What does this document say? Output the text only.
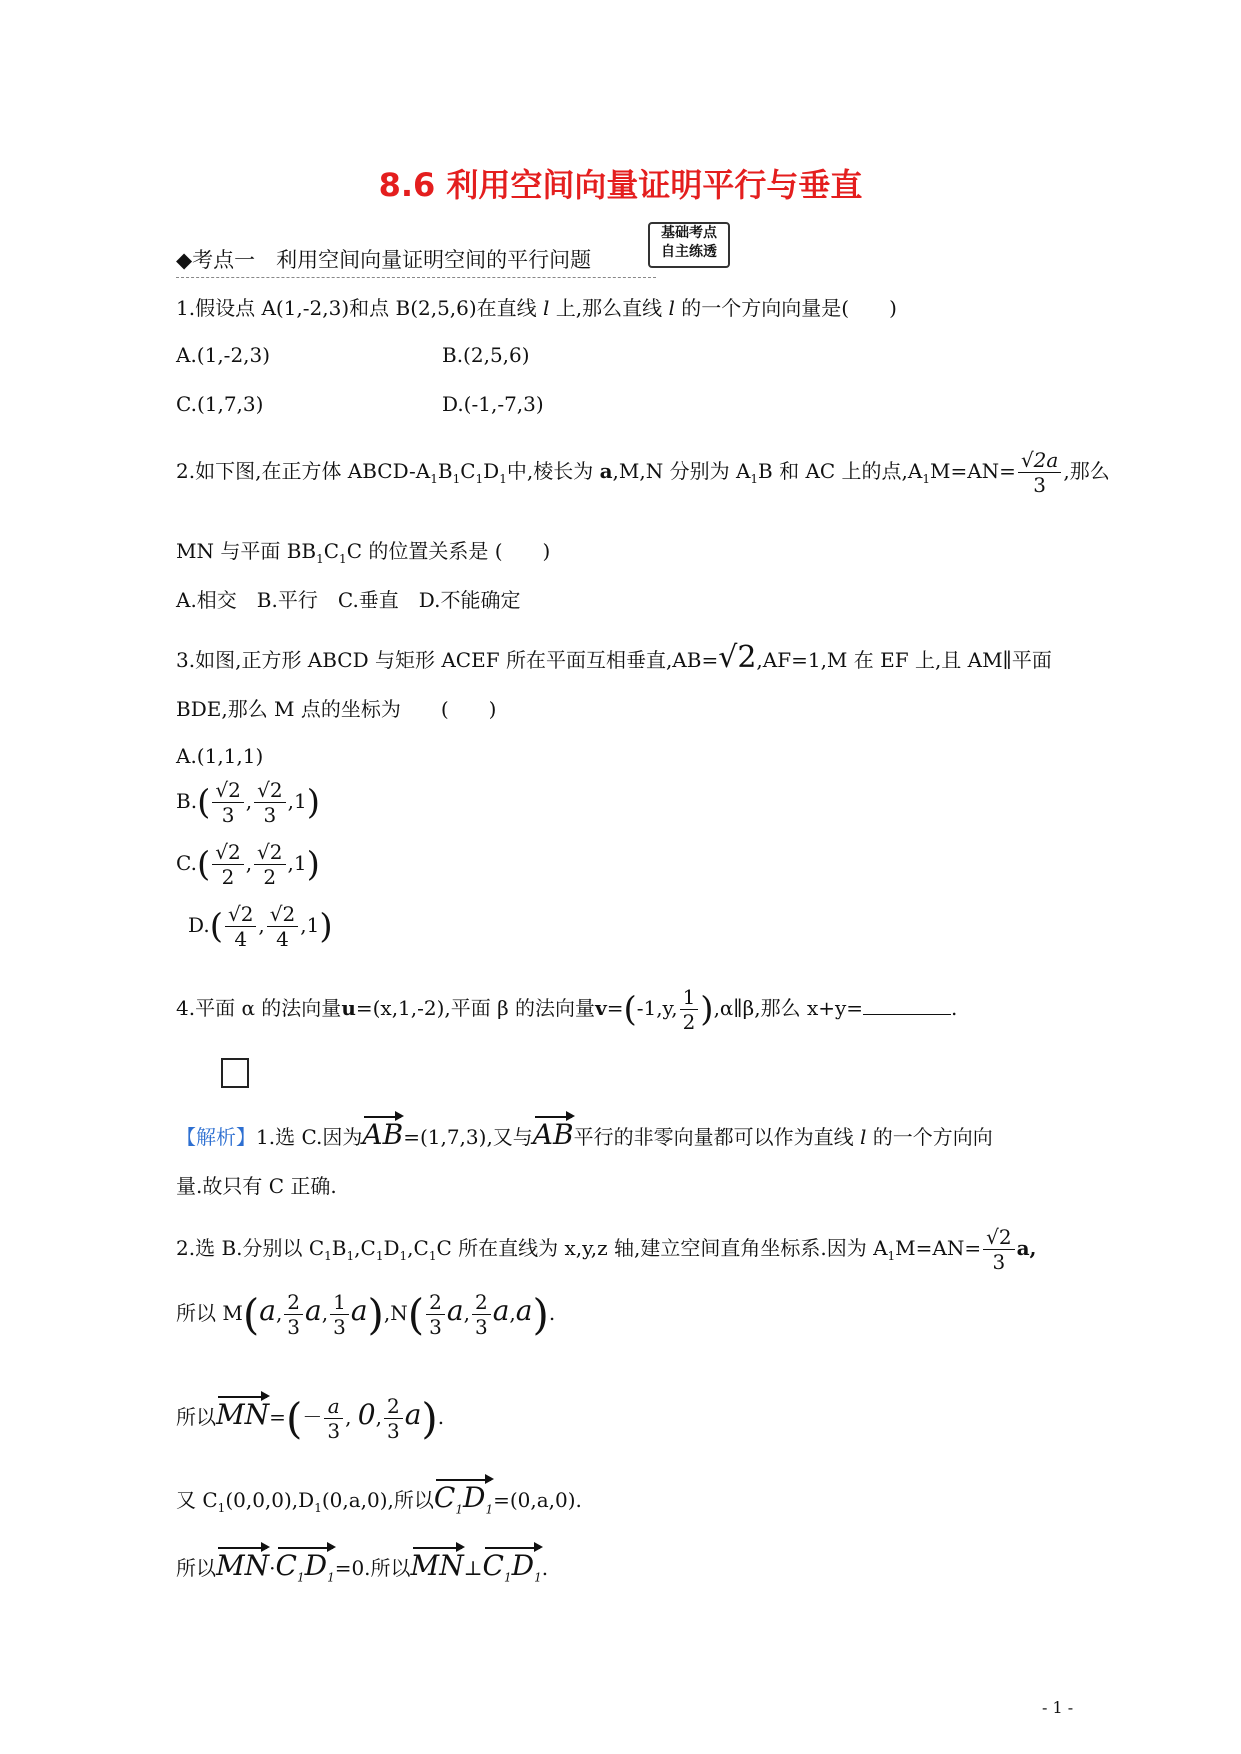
8.6 利用空间向量证明平行与垂直
◆考点一　利用空间向量证明空间的平行问题
基础考点
自主练透
1.假设点 A(1,-2,3)和点 B(2,5,6)在直线 l 上,那么直线 l 的一个方向向量是(　　)
A.(1,-2,3)	B.(2,5,6)
C.(1,7,3)	D.(-1,-7,3)
2.如下图,在正方体 ABCD-$A_1B_1C_1D_1$中,棱长为 a,M,N 分别为 $A_1B$ 和 AC 上的点$,A_1M=AN= \frac{√2a}{3}$ ,那么
MN 与平面 $BB_1C_1C$ 的位置关系是 (　　)
A.相交　B.平行　C.垂直　D.不能确定
3.如图,正方形 ABCD 与矩形 ACEF 所在平面互相垂直,AB=√2,AF=1,M 在 EF 上,且 AM∥平面
BDE,那么 M 点的坐标为　　(　　)
A.(1,1,1)
$B.( \frac{√2}{3}$ , $\frac{√2}{3} ,1$)
$C.( \frac{√2}{2}$ , $\frac{√2}{2} ,1$)
$D.( \frac{√2}{4}$ , $\frac{√2}{4} ,1$)
4.平面 α 的法向量u=(x,1,-2),平面 β 的法向量v=(-1,y, $\frac{1}{2}$ ),α∥β,那么 x+y=	.
【解析】1.选 C.因为AB=(1,7,3),又与AB平行的非零向量都可以作为直线 l 的一个方向向
量.故只有 C 正确.
2.选 B.分别以 $C_1B_1,C_1D_1,C_1C$ 所在直线为 x,y,z 轴,建立空间直角坐标系.因为 $A_1M=AN= \frac{√2}{3} a$,
所以 M(a, $\frac{2}{3} a$, $\frac{1}{3} a),N( \frac{2}{3} a$, $\frac{2}{3} a,a$).
所以$MN=(- \frac{a}{3}$ , 0, $\frac{2}{3} a$).
又 $C_1(0,0,0),D_1(0,a,0)$,所以$C_1D_1=(0,a,0)$.
所以$MN\cdot C_1D_1=0$.所以$MN\perp C_1D_1$.
- 1 -
